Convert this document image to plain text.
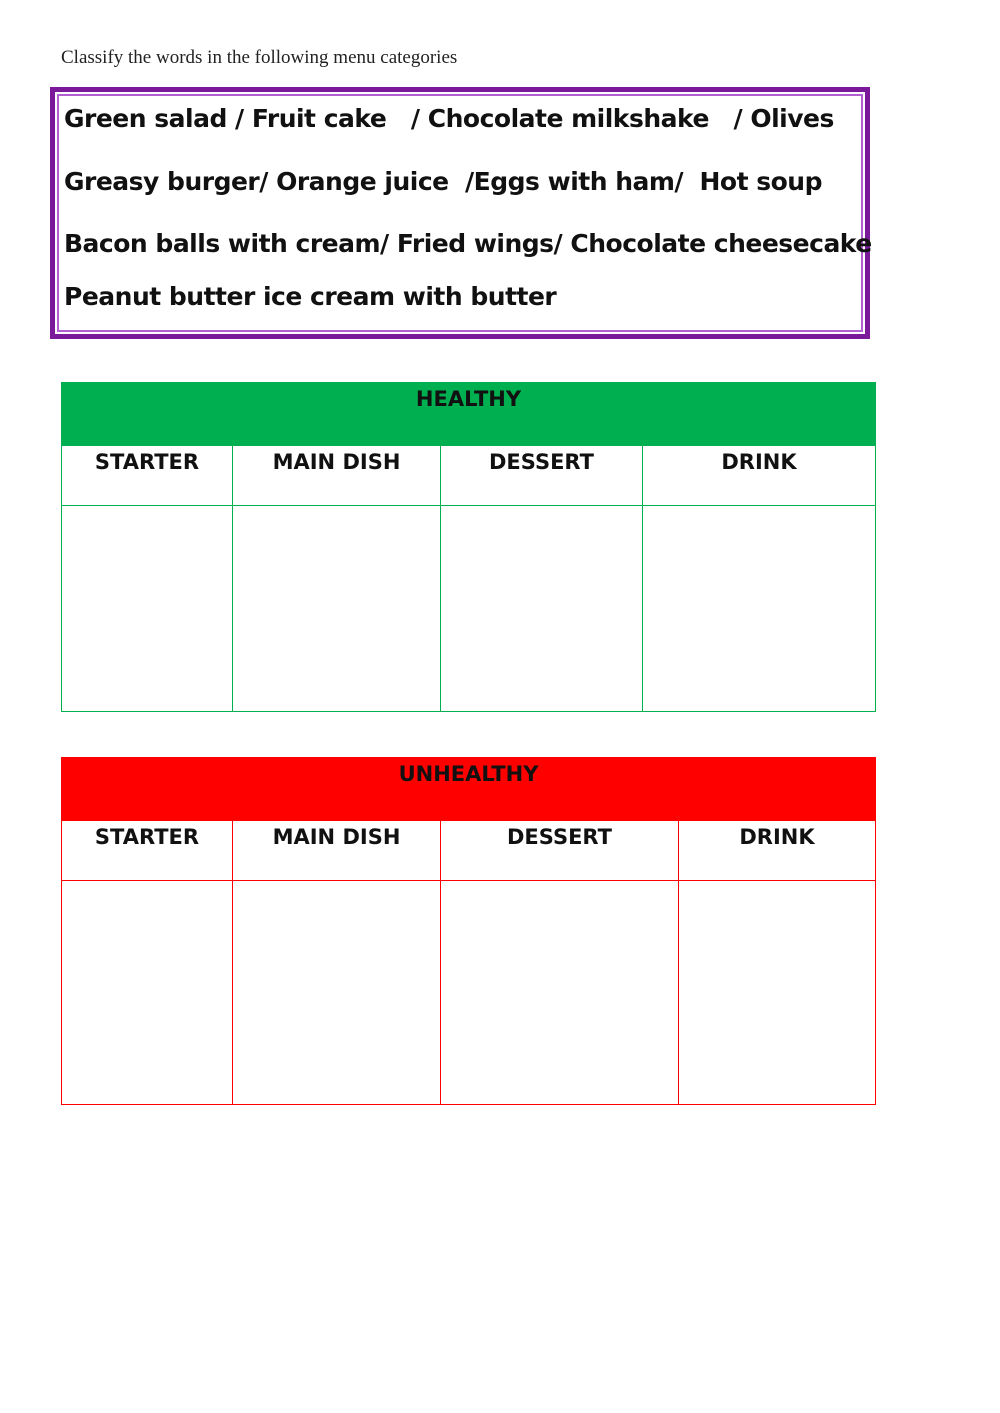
Classify the words in the following menu categories
Green salad / Fruit cake   / Chocolate milkshake   / Olives
Greasy burger/ Orange juice  /Eggs with ham/  Hot soup
Bacon balls with cream/ Fried wings/ Chocolate cheesecake
Peanut butter ice cream with butter
HEALTHY			
STARTER	MAIN DISH	DESSERT	DRINK

UNHEALTHY			
STARTER	MAIN DISH	DESSERT	DRINK
